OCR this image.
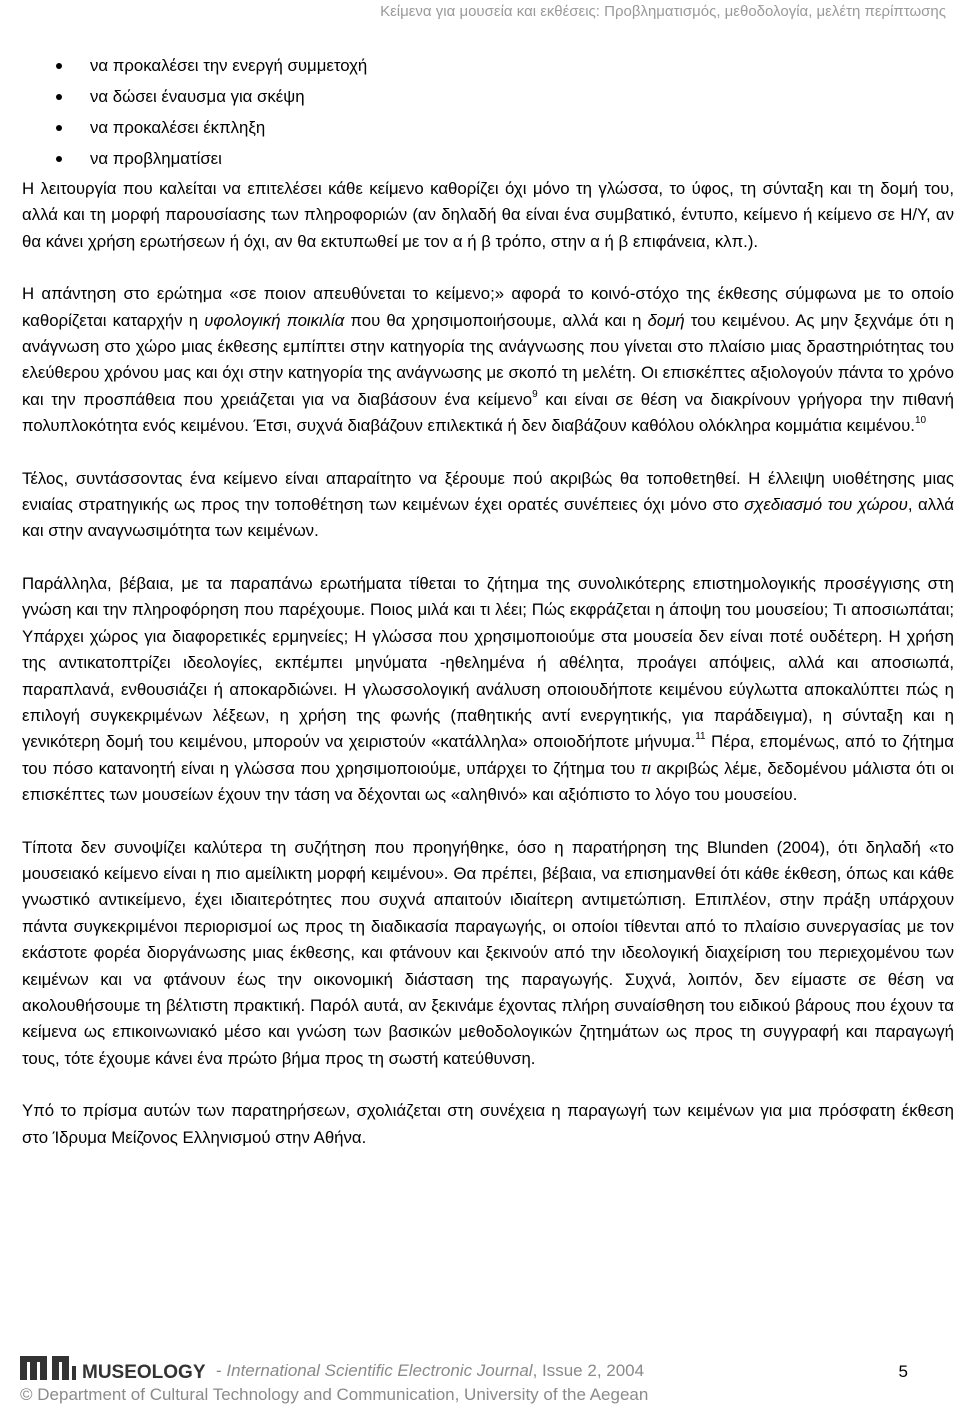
Κείμενα για μουσεία και εκθέσεις: Προβληματισμός, μεθοδολογία, μελέτη περίπτωσης
να προκαλέσει την ενεργή συμμετοχή
να δώσει έναυσμα για σκέψη
να προκαλέσει έκπληξη
να προβληματίσει

Η λειτουργία που καλείται να επιτελέσει κάθε κείμενο καθορίζει όχι μόνο τη γλώσσα, το ύφος, τη σύνταξη και τη δομή του, αλλά και τη μορφή παρουσίασης των πληροφοριών (αν δηλαδή θα είναι ένα συμβατικό, έντυπο, κείμενο ή κείμενο σε Η/Υ, αν θα κάνει χρήση ερωτήσεων ή όχι, αν θα εκτυπωθεί με τον α ή β τρόπο, στην α ή β επιφάνεια, κλπ.).

Η απάντηση στο ερώτημα «σε ποιον απευθύνεται το κείμενο;» αφορά το κοινό-στόχο της έκθεσης σύμφωνα με το οποίο καθορίζεται καταρχήν η υφολογική ποικιλία που θα χρησιμοποιήσουμε, αλλά και η δομή του κειμένου. Ας μην ξεχνάμε ότι η ανάγνωση στο χώρο μιας έκθεσης εμπίπτει στην κατηγορία της ανάγνωσης που γίνεται στο πλαίσιο μιας δραστηριότητας του ελεύθερου χρόνου μας και όχι στην κατηγορία της ανάγνωσης με σκοπό τη μελέτη. Οι επισκέπτες αξιολογούν πάντα το χρόνο και την προσπάθεια που χρειάζεται για να διαβάσουν ένα κείμενο$^9$ και είναι σε θέση να διακρίνουν γρήγορα την πιθανή πολυπλοκότητα ενός κειμένου. Έτσι, συχνά διαβάζουν επιλεκτικά ή δεν διαβάζουν καθόλου ολόκληρα κομμάτια κειμένου.$^{10}$

Τέλος, συντάσσοντας ένα κείμενο είναι απαραίτητο να ξέρουμε πού ακριβώς θα τοποθετηθεί. Η έλλειψη υιοθέτησης μιας ενιαίας στρατηγικής ως προς την τοποθέτηση των κειμένων έχει ορατές συνέπειες όχι μόνο στο σχεδιασμό του χώρου, αλλά και στην αναγνωσιμότητα των κειμένων.

Παράλληλα, βέβαια, με τα παραπάνω ερωτήματα τίθεται το ζήτημα της συνολικότερης επιστημολογικής προσέγγισης στη γνώση και την πληροφόρηση που παρέχουμε. Ποιος μιλά και τι λέει; Πώς εκφράζεται η άποψη του μουσείου; Τι αποσιωπάται; Υπάρχει χώρος για διαφορετικές ερμηνείες; Η γλώσσα που χρησιμοποιούμε στα μουσεία δεν είναι ποτέ ουδέτερη. Η χρήση της αντικατοπτρίζει ιδεολογίες, εκπέμπει μηνύματα -ηθελημένα ή αθέλητα, προάγει απόψεις, αλλά και αποσιωπά, παραπλανά, ενθουσιάζει ή αποκαρδιώνει. Η γλωσσολογική ανάλυση οποιουδήποτε κειμένου εύγλωττα αποκαλύπτει πώς η επιλογή συγκεκριμένων λέξεων, η χρήση της φωνής (παθητικής αντί ενεργητικής, για παράδειγμα), η σύνταξη και η γενικότερη δομή του κειμένου, μπορούν να χειριστούν «κατάλληλα» οποιοδήποτε μήνυμα.$^{11}$ Πέρα, επομένως, από το ζήτημα του πόσο κατανοητή είναι η γλώσσα που χρησιμοποιούμε, υπάρχει το ζήτημα του τι ακριβώς λέμε, δεδομένου μάλιστα ότι οι επισκέπτες των μουσείων έχουν την τάση να δέχονται ως «αληθινό» και αξιόπιστο το λόγο του μουσείου.

Τίποτα δεν συνοψίζει καλύτερα τη συζήτηση που προηγήθηκε, όσο η παρατήρηση της Blunden (2004), ότι δηλαδή «το μουσειακό κείμενο είναι η πιο αμείλικτη μορφή κειμένου». Θα πρέπει, βέβαια, να επισημανθεί ότι κάθε έκθεση, όπως και κάθε γνωστικό αντικείμενο, έχει ιδιαιτερότητες που συχνά απαιτούν ιδιαίτερη αντιμετώπιση. Επιπλέον, στην πράξη υπάρχουν πάντα συγκεκριμένοι περιορισμοί ως προς τη διαδικασία παραγωγής, οι οποίοι τίθενται από το πλαίσιο συνεργασίας με τον εκάστοτε φορέα διοργάνωσης μιας έκθεσης, και φτάνουν και ξεκινούν από την ιδεολογική διαχείριση του περιεχομένου των κειμένων και να φτάνουν έως την οικονομική διάσταση της παραγωγής. Συχνά, λοιπόν, δεν είμαστε σε θέση να ακολουθήσουμε τη βέλτιστη πρακτική. Παρόλ αυτά, αν ξεκινάμε έχοντας πλήρη συναίσθηση του ειδικού βάρους που έχουν τα κείμενα ως επικοινωνιακό μέσο και γνώση των βασικών μεθοδολογικών ζητημάτων ως προς τη συγγραφή και παραγωγή τους, τότε έχουμε κάνει ένα πρώτο βήμα προς τη σωστή κατεύθυνση.

Υπό το πρίσμα αυτών των παρατηρήσεων, σχολιάζεται στη συνέχεια η παραγωγή των κειμένων για μια πρόσφατη έκθεση στο Ίδρυμα Μείζονος Ελληνισμού στην Αθήνα.

MUSEOLOGY - International Scientific Electronic Journal, Issue 2, 2004	5
© Department of Cultural Technology and Communication, University of the Aegean
